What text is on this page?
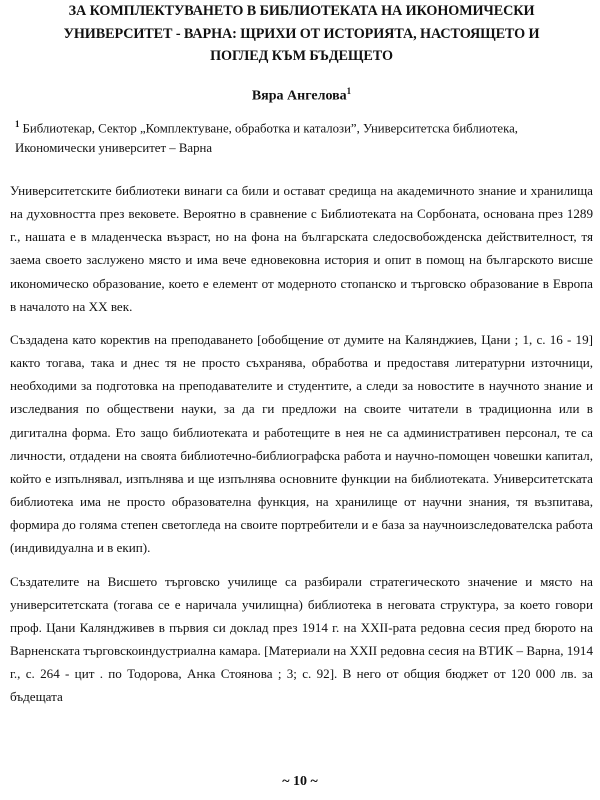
ЗА КОМПЛЕКТУВАНЕТО В БИБЛИОТЕКАТА НА ИКОНОМИЧЕСКИ
УНИВЕРСИТЕТ - ВАРНА: ЩРИХИ ОТ ИСТОРИЯТА, НАСТОЯЩЕТО И
ПОГЛЕД КЪМ БЪДЕЩЕТО
Вяра Ангелова$^1$
$^1$ Библиотекар, Сектор „Комплектуване, обработка и каталози”, Университетска библиотека, Икономически университет – Варна

Университетските библиотеки винаги са били и остават средища на академичното знание и хранилища на духовността през вековете. Вероятно в сравнение с Библиотеката на Сорбоната, основана през 1289 г., нашата е в младенческа възраст, но на фона на българската следосвобожденска действителност, тя заема своето заслужено място и има вече едновековна история и опит в помощ на българското висше икономическо образование, което е елемент от модерното стопанско и търговско образование в Европа в началото на XX век.

Създадена като коректив на преподаването [обобщение от думите на Калянджиев, Цани ; 1, с. 16 - 19] както тогава, така и днес тя не просто съхранява, обработва и предоставя литературни източници, необходими за подготовка на преподавателите и студентите, а следи за новостите в научното знание и изследвания по обществени науки, за да ги предложи на своите читатели в традиционна или в дигитална форма. Ето защо библиотеката и работещите в нея не са административен персонал, те са личности, отдадени на своята библиотечно-библиографска работа и научно-помощен човешки капитал, който е изпълнявал, изпълнява и ще изпълнява основните функции на библиотеката. Университетската библиотека има не просто образователна функция, на хранилище от научни знания, тя възпитава, формира до голяма степен светогледа на своите портребители и е база за научноизследователска работа (индивидуална и в екип).

Създателите на Висшето търговско училище са разбирали стратегическото значение и място на университетската (тогава се е наричала училищна) библиотека в неговата структура, за което говори проф. Цани Каляндживев в първия си доклад през 1914 г. на XXII-рата редовна сесия пред бюрото на Варненската търговскоиндустриална камара. [Материали на XXII редовна сесия на ВТИК – Варна, 1914 г., с. 264 - цит . по Тодорова, Анка Стоянова ; 3; с. 92]. В него от общия бюджет от 120 000 лв. за бъдещата

~ 10 ~
